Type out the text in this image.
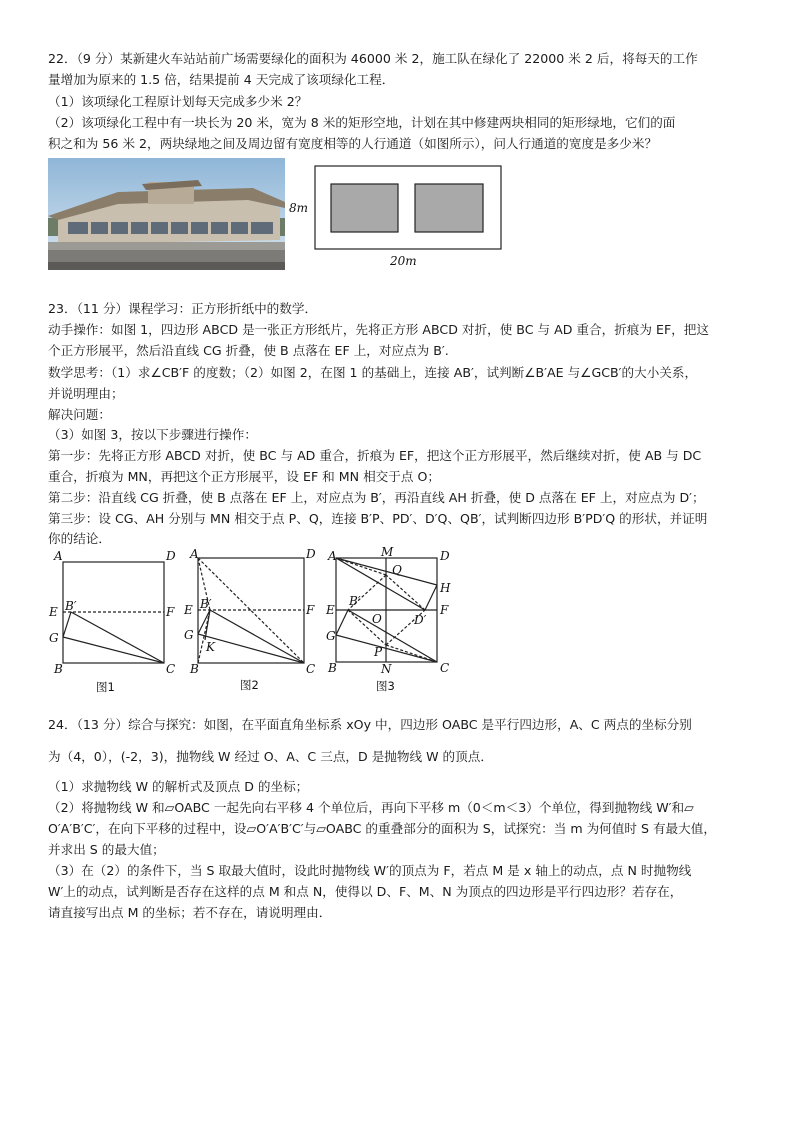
22．（9 分）某新建火车站站前广场需要绿化的面积为 46000 米 2，施工队在绿化了 22000 米 2 后，将每天的工作
量增加为原来的 1.5 倍，结果提前 4 天完成了该项绿化工程．
（1）该项绿化工程原计划每天完成多少米 2？
（2）该项绿化工程中有一块长为 20 米，宽为 8 米的矩形空地，计划在其中修建两块相同的矩形绿地，它们的面
积之和为 56 米 2，两块绿地之间及周边留有宽度相等的人行通道（如图所示），问人行通道的宽度是多少米？
8m
20m
23．（11 分）课程学习：正方形折纸中的数学．
动手操作：如图 1，四边形 ABCD 是一张正方形纸片，先将正方形 ABCD 对折，使 BC 与 AD 重合，折痕为 EF，把这
个正方形展平，然后沿直线 CG 折叠，使 B 点落在 EF 上，对应点为 B′.
数学思考：（1）求∠CB′F 的度数；（2）如图 2，在图 1 的基础上，连接 AB′，试判断∠B′AE 与∠GCB′的大小关系，
并说明理由；
解决问题：
（3）如图 3，按以下步骤进行操作：
第一步：先将正方形 ABCD 对折，使 BC 与 AD 重合，折痕为 EF，把这个正方形展平，然后继续对折，使 AB 与 DC
重合，折痕为 MN，再把这个正方形展平，设 EF 和 MN 相交于点 O；
第二步：沿直线 CG 折叠，使 B 点落在 EF 上，对应点为 B′，再沿直线 AH 折叠，使 D 点落在 EF 上，对应点为 D′；
第三步：设 CG、AH 分别与 MN 相交于点 P、Q，连接 B′P、PD′、D′Q、QB′，试判断四边形 B′PD′Q 的形状，并证明
你的结论．
A	D
E	F
B′
G
B	C
图1
A	D
E	F
B′
G
K
B	C
图2
A	M	D
Q
H
E
B′
O	D′
F
G
P
B	N	C
图3
24．（13 分）综合与探究：如图，在平面直角坐标系 xOy 中，四边形 OABC 是平行四边形，A、C 两点的坐标分别
为（4，0），(-2，3)，抛物线 W 经过 O、A、C 三点，D 是抛物线 W 的顶点．
（1）求抛物线 W 的解析式及顶点 D 的坐标；
（2）将抛物线 W 和▱OABC 一起先向右平移 4 个单位后，再向下平移 m（0＜m＜3）个单位，得到抛物线 W′和▱
O′A′B′C′，在向下平移的过程中，设▱O′A′B′C′与▱OABC 的重叠部分的面积为 S，试探究：当 m 为何值时 S 有最大值，
并求出 S 的最大值；
（3）在（2）的条件下，当 S 取最大值时，设此时抛物线 W′的顶点为 F，若点 M 是 x 轴上的动点，点 N 时抛物线
W′上的动点，试判断是否存在这样的点 M 和点 N，使得以 D、F、M、N 为顶点的四边形是平行四边形？若存在，
请直接写出点 M 的坐标；若不存在，请说明理由．
